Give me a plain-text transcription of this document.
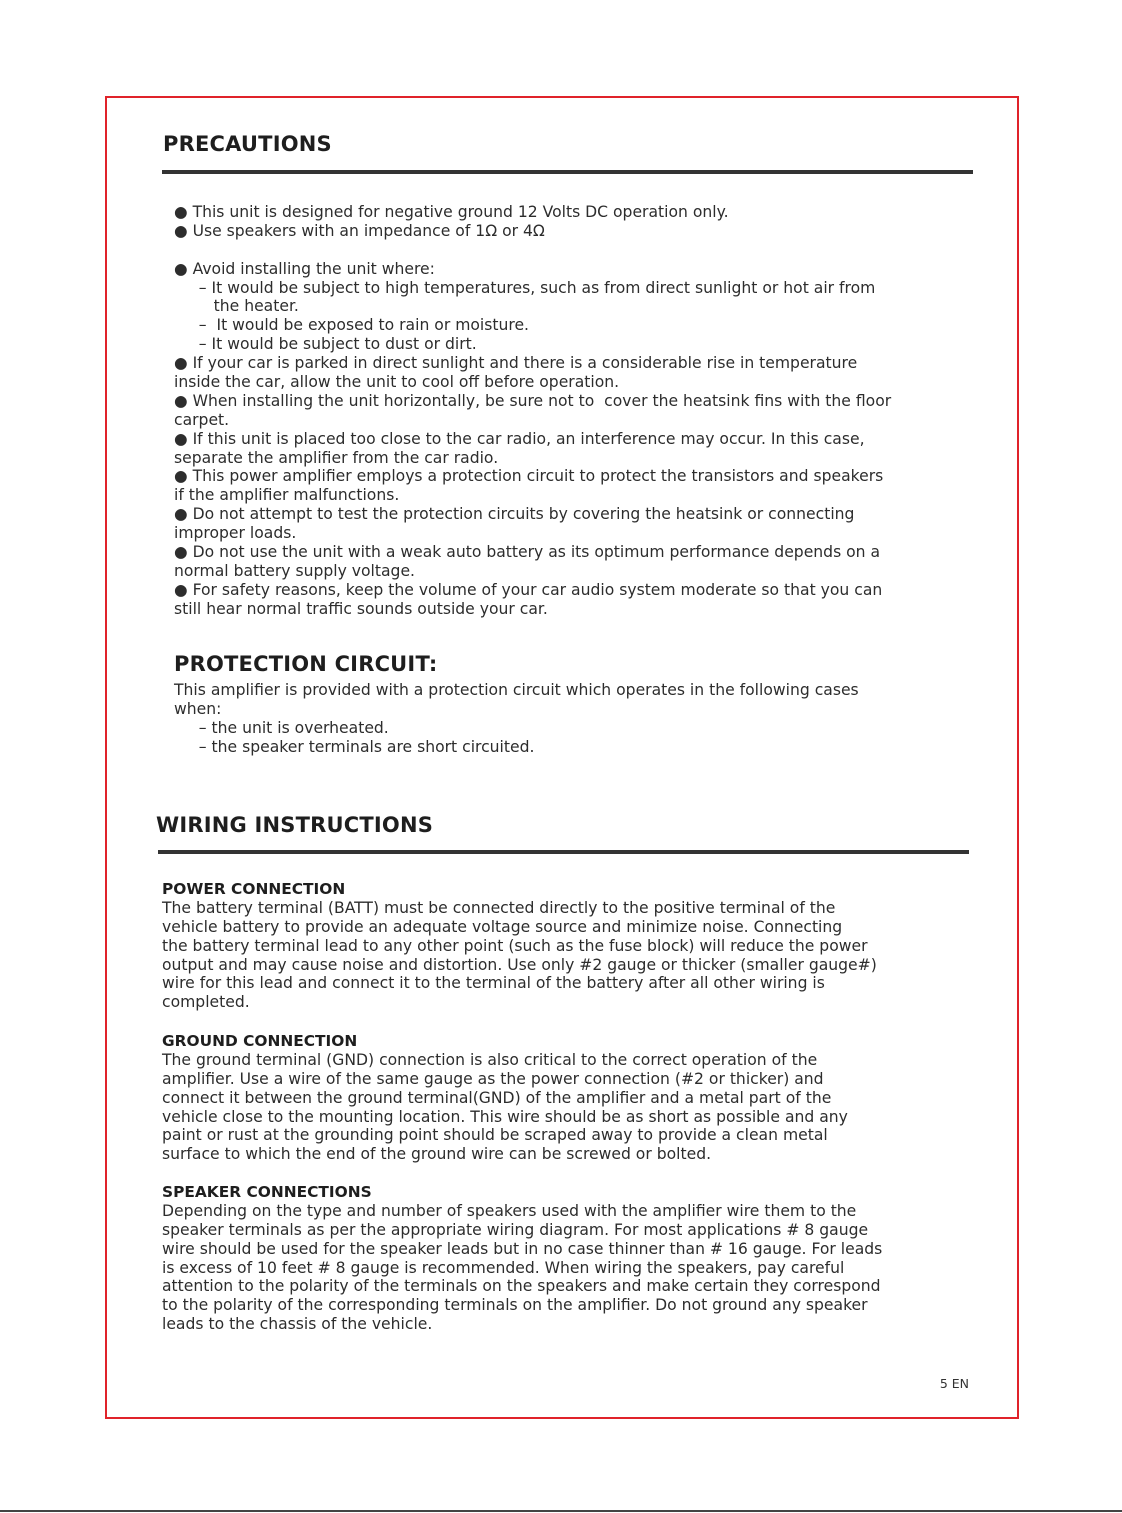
PRECAUTIONS
● This unit is designed for negative ground 12 Volts DC operation only.
● Use speakers with an impedance of 1Ω or 4Ω
● Avoid installing the unit where:
– It would be subject to high temperatures, such as from direct sunlight or hot air from
the heater.
–  It would be exposed to rain or moisture.
– It would be subject to dust or dirt.
● If your car is parked in direct sunlight and there is a considerable rise in temperature
inside the car, allow the unit to cool off before operation.
● When installing the unit horizontally, be sure not to  cover the heatsink fins with the floor
carpet.
● If this unit is placed too close to the car radio, an interference may occur. In this case,
separate the amplifier from the car radio.
● This power amplifier employs a protection circuit to protect the transistors and speakers
if the amplifier malfunctions.
● Do not attempt to test the protection circuits by covering the heatsink or connecting
improper loads.
● Do not use the unit with a weak auto battery as its optimum performance depends on a
normal battery supply voltage.
● For safety reasons, keep the volume of your car audio system moderate so that you can
still hear normal traffic sounds outside your car.
PROTECTION CIRCUIT:
This amplifier is provided with a protection circuit which operates in the following cases
when:
– the unit is overheated.
– the speaker terminals are short circuited.
WIRING INSTRUCTIONS
POWER CONNECTION
The battery terminal (BATT) must be connected directly to the positive terminal of the
vehicle battery to provide an adequate voltage source and minimize noise. Connecting
the battery terminal lead to any other point (such as the fuse block) will reduce the power
output and may cause noise and distortion. Use only #2 gauge or thicker (smaller gauge#)
wire for this lead and connect it to the terminal of the battery after all other wiring is
completed.
GROUND CONNECTION
The ground terminal (GND) connection is also critical to the correct operation of the
amplifier. Use a wire of the same gauge as the power connection (#2 or thicker) and
connect it between the ground terminal(GND) of the amplifier and a metal part of the
vehicle close to the mounting location. This wire should be as short as possible and any
paint or rust at the grounding point should be scraped away to provide a clean metal
surface to which the end of the ground wire can be screwed or bolted.
SPEAKER CONNECTIONS
Depending on the type and number of speakers used with the amplifier wire them to the
speaker terminals as per the appropriate wiring diagram. For most applications # 8 gauge
wire should be used for the speaker leads but in no case thinner than # 16 gauge. For leads
is excess of 10 feet # 8 gauge is recommended. When wiring the speakers, pay careful
attention to the polarity of the terminals on the speakers and make certain they correspond
to the polarity of the corresponding terminals on the amplifier. Do not ground any speaker
leads to the chassis of the vehicle.
5 EN
